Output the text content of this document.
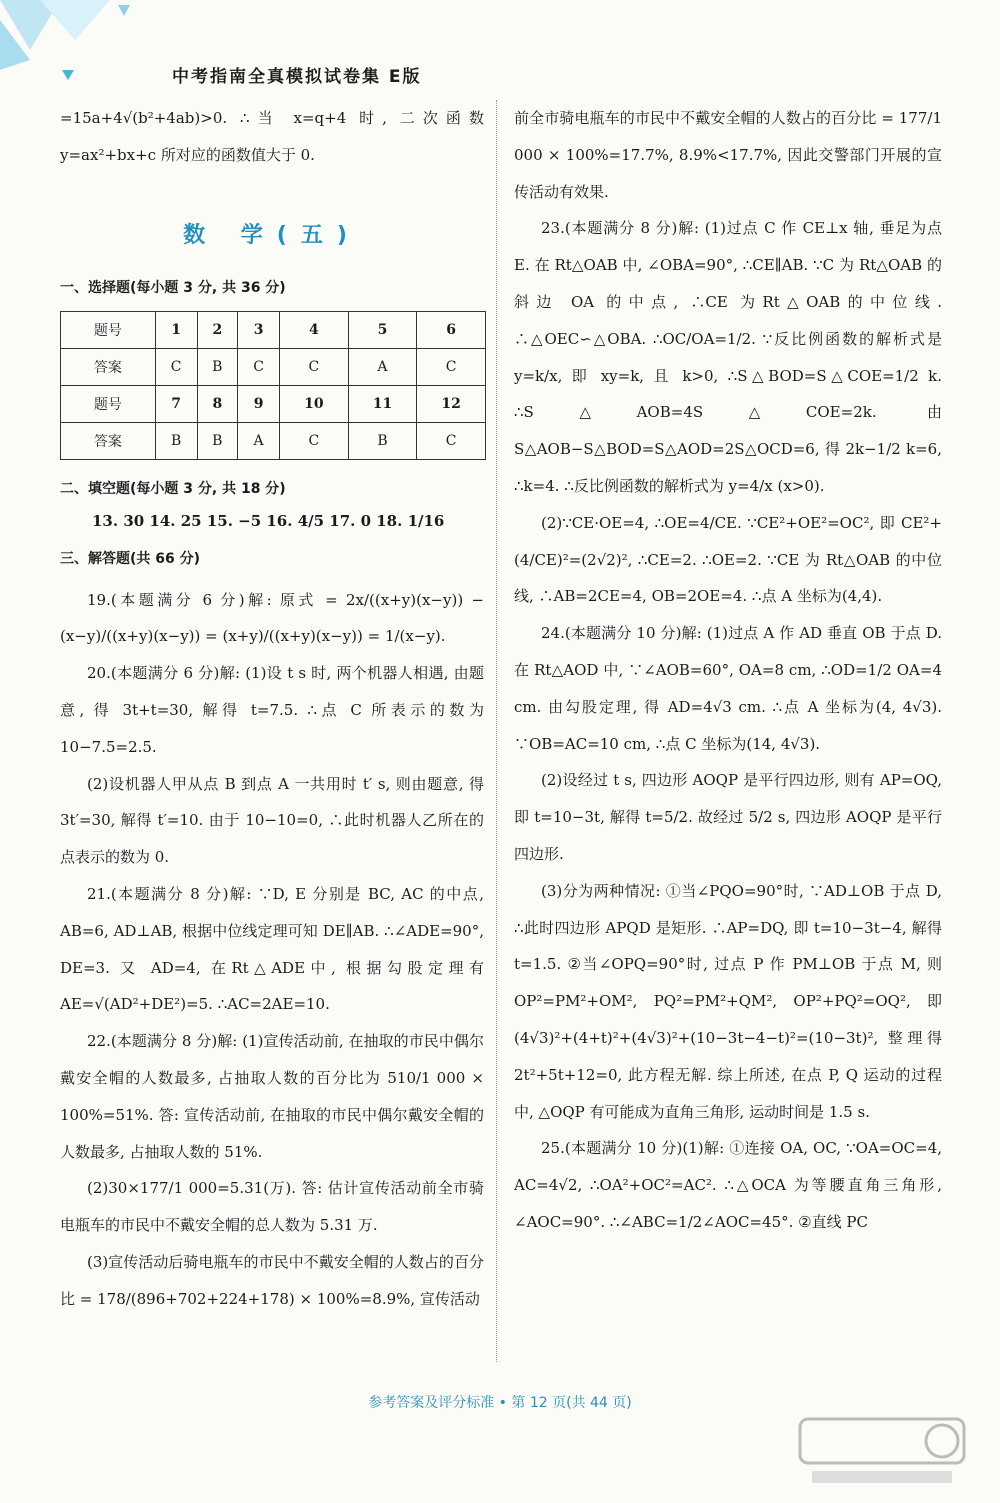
中考指南全真模拟试卷集 E版

=15a+4√(b²+4ab)>0. ∴当 x=q+4 时, 二次函数 y=ax²+bx+c 所对应的函数值大于 0.

数 学(五)
一、选择题(每小题 3 分, 共 36 分)
题号	1	2	3	4	5	6
答案	C	B	C	C	A	C
题号	7	8	9	10	11	12
答案	B	B	A	C	B	C
二、填空题(每小题 3 分, 共 18 分)
13. 30 14. 25 15. −5 16. 4/5 17. 0 18. 1/16
三、解答题(共 66 分)

19.(本题满分 6 分)解: 原式 = 2x/((x+y)(x−y)) − (x−y)/((x+y)(x−y)) = (x+y)/((x+y)(x−y)) = 1/(x−y).

20.(本题满分 6 分)解: (1)设 t s 时, 两个机器人相遇, 由题意, 得 3t+t=30, 解得 t=7.5. ∴点 C 所表示的数为 10−7.5=2.5.

(2)设机器人甲从点 B 到点 A 一共用时 t′ s, 则由题意, 得 3t′=30, 解得 t′=10. 由于 10−10=0, ∴此时机器人乙所在的点表示的数为 0.

21.(本题满分 8 分)解: ∵D, E 分别是 BC, AC 的中点, AB=6, AD⊥AB, 根据中位线定理可知 DE∥AB. ∴∠ADE=90°, DE=3. 又 AD=4, 在Rt△ADE中, 根据勾股定理有 AE=√(AD²+DE²)=5. ∴AC=2AE=10.

22.(本题满分 8 分)解: (1)宣传活动前, 在抽取的市民中偶尔戴安全帽的人数最多, 占抽取人数的百分比为 510/1 000 × 100%=51%. 答: 宣传活动前, 在抽取的市民中偶尔戴安全帽的人数最多, 占抽取人数的 51%.

(2)30×177/1 000=5.31(万). 答: 估计宣传活动前全市骑电瓶车的市民中不戴安全帽的总人数为 5.31 万.

(3)宣传活动后骑电瓶车的市民中不戴安全帽的人数占的百分比 = 178/(896+702+224+178) × 100%=8.9%, 宣传活动

前全市骑电瓶车的市民中不戴安全帽的人数占的百分比 = 177/1 000 × 100%=17.7%, 8.9%<17.7%, 因此交警部门开展的宣传活动有效果.

23.(本题满分 8 分)解: (1)过点 C 作 CE⊥x 轴, 垂足为点 E. 在 Rt△OAB 中, ∠OBA=90°, ∴CE∥AB. ∵C 为 Rt△OAB 的斜边 OA 的中点, ∴CE 为Rt△OAB的中位线. ∴△OEC∽△OBA. ∴OC/OA=1/2. ∵反比例函数的解析式是 y=k/x, 即 xy=k, 且 k>0, ∴S△BOD=S△COE=1/2 k. ∴S△AOB=4S△COE=2k. 由 S△AOB−S△BOD=S△AOD=2S△OCD=6, 得 2k−1/2 k=6, ∴k=4. ∴反比例函数的解析式为 y=4/x (x>0).

(2)∵CE·OE=4, ∴OE=4/CE. ∵CE²+OE²=OC², 即 CE²+(4/CE)²=(2√2)², ∴CE=2. ∴OE=2. ∵CE 为 Rt△OAB 的中位线, ∴AB=2CE=4, OB=2OE=4. ∴点 A 坐标为(4,4).

24.(本题满分 10 分)解: (1)过点 A 作 AD 垂直 OB 于点 D. 在 Rt△AOD 中, ∵∠AOB=60°, OA=8 cm, ∴OD=1/2 OA=4 cm. 由勾股定理, 得 AD=4√3 cm. ∴点 A 坐标为(4, 4√3). ∵OB=AC=10 cm, ∴点 C 坐标为(14, 4√3).

(2)设经过 t s, 四边形 AOQP 是平行四边形, 则有 AP=OQ, 即 t=10−3t, 解得 t=5/2. 故经过 5/2 s, 四边形 AOQP 是平行四边形.

(3)分为两种情况: ①当∠PQO=90°时, ∵AD⊥OB 于点 D, ∴此时四边形 APQD 是矩形. ∴AP=DQ, 即 t=10−3t−4, 解得 t=1.5. ②当∠OPQ=90°时, 过点 P 作 PM⊥OB 于点 M, 则 OP²=PM²+OM², PQ²=PM²+QM², OP²+PQ²=OQ², 即(4√3)²+(4+t)²+(4√3)²+(10−3t−4−t)²=(10−3t)², 整理得 2t²+5t+12=0, 此方程无解. 综上所述, 在点 P, Q 运动的过程中, △OQP 有可能成为直角三角形, 运动时间是 1.5 s.

25.(本题满分 10 分)(1)解: ①连接 OA, OC, ∵OA=OC=4, AC=4√2, ∴OA²+OC²=AC². ∴△OCA 为等腰直角三角形, ∠AOC=90°. ∴∠ABC=1/2∠AOC=45°. ②直线 PC

参考答案及评分标准 • 第 12 页(共 44 页)
